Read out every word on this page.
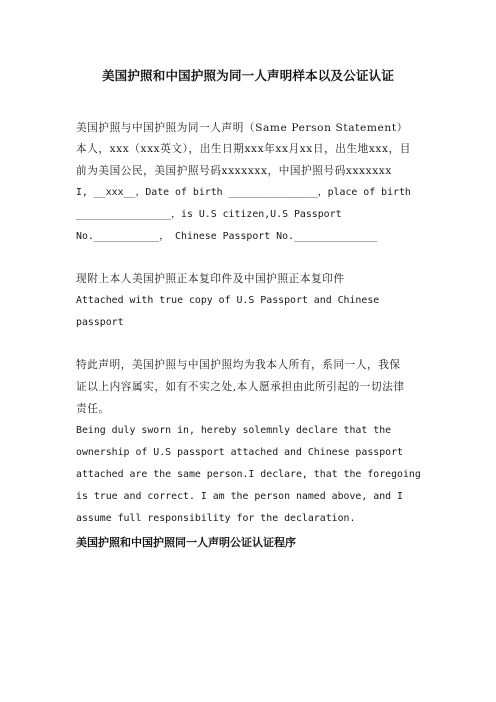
美国护照和中国护照为同一人声明样本以及公证认证

美国护照与中国护照为同一人声明（Same Person Statement）

本人，xxx（xxx英文），出生日期xxx年xx月xx日，出生地xxx，目

前为美国公民，美国护照号码xxxxxxx，中国护照号码xxxxxxx

I, __xxx__，Date of birth _______________，place of birth

________________，is U.S citizen,U.S Passport

No.___________， Chinese Passport No.______________

现附上本人美国护照正本复印件及中国护照正本复印件

Attached with true copy of U.S Passport and Chinese

passport

特此声明，美国护照与中国护照均为我本人所有，系同一人，我保

证以上内容属实，如有不实之处,本人愿承担由此所引起的一切法律

责任。

Being duly sworn in, hereby solemnly declare that the

ownership of U.S passport attached and Chinese passport

attached are the same person.I declare, that the foregoing

is true and correct. I am the person named above, and I

assume full responsibility for the declaration.

美国护照和中国护照同一人声明公证认证程序
